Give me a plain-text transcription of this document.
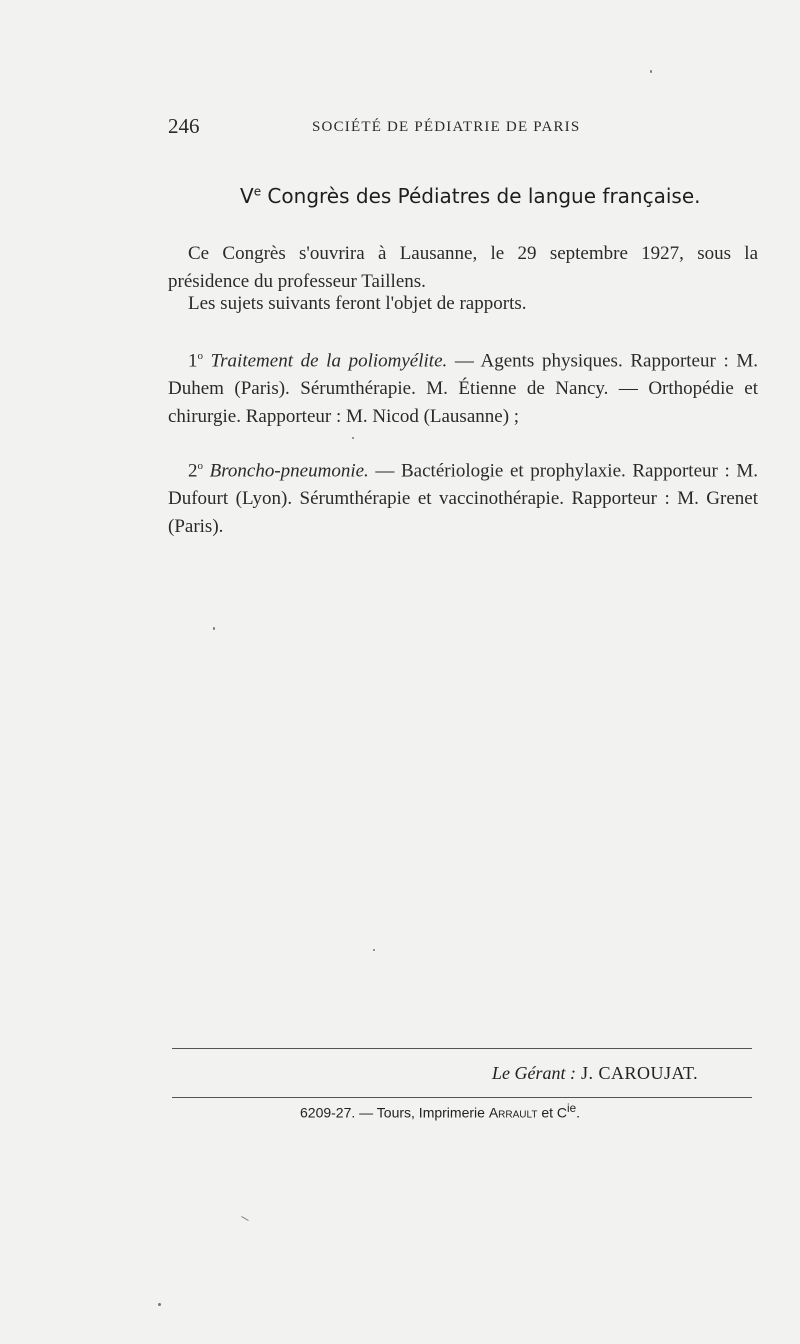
246	SOCIÉTÉ DE PÉDIATRIE DE PARIS
Ve Congrès des Pédiatres de langue française.

Ce Congrès s'ouvrira à Lausanne, le 29 septembre 1927, sous la présidence du professeur Taillens.

Les sujets suivants feront l'objet de rapports.

1$^o$ Traitement de la poliomyélite. — Agents physiques. Rapporteur : M. Duhem (Paris). Sérumthérapie. M. Étienne de Nancy. — Orthopédie et chirurgie. Rapporteur : M. Nicod (Lausanne) ;

2$^o$ Broncho-pneumonie. — Bactériologie et prophylaxie. Rapporteur : M. Dufourt (Lyon). Sérumthérapie et vaccinothérapie. Rapporteur : M. Grenet (Paris).

Le Gérant : J. CAROUJAT.
6209-27. — Tours, Imprimerie Arrault et $C^{ie}$.
